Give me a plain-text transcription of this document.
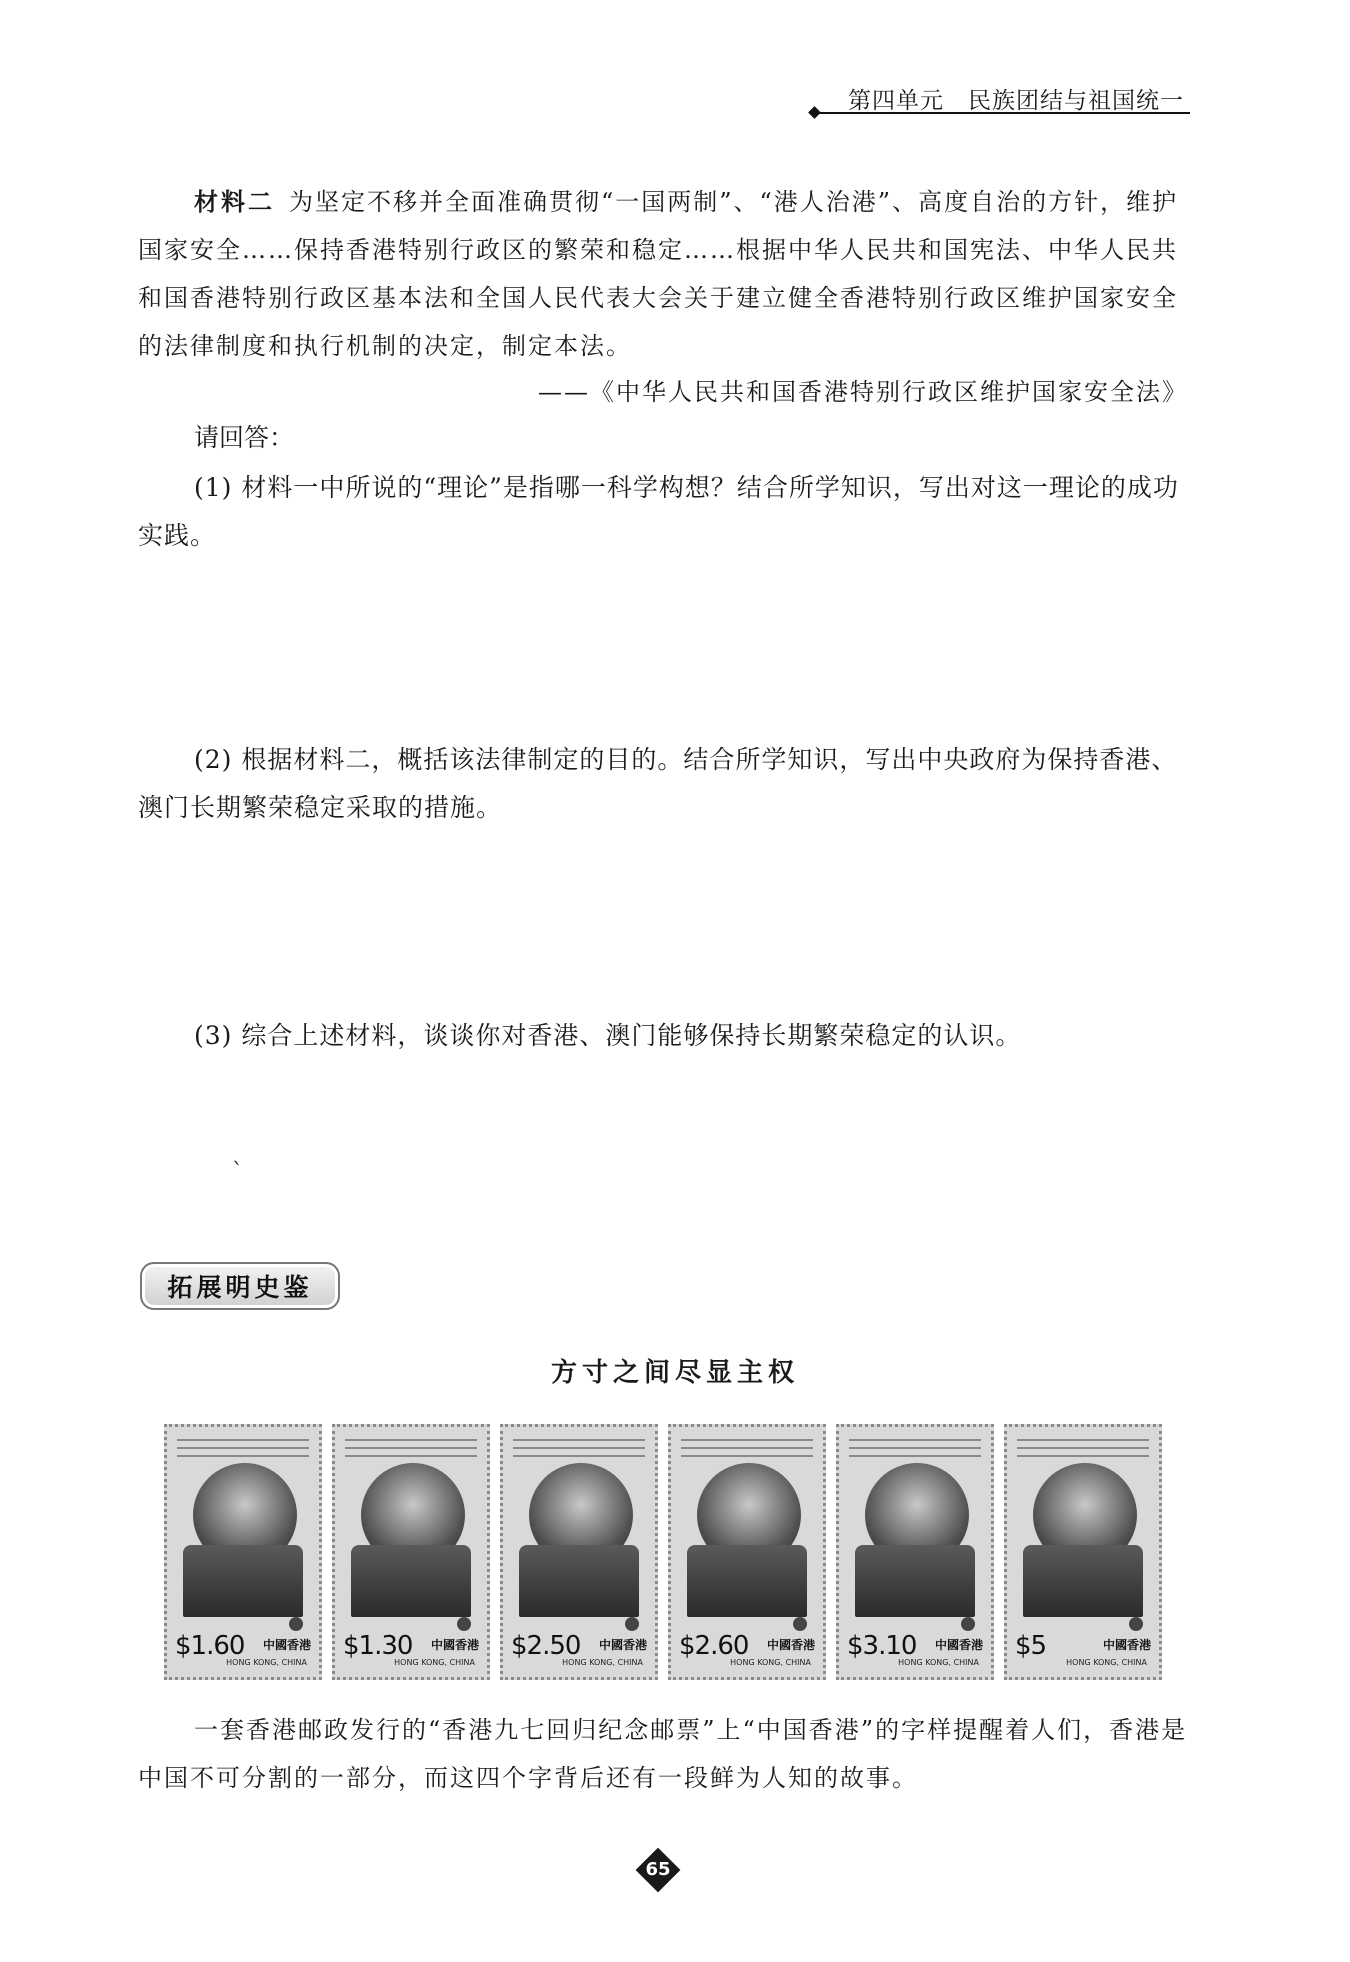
第四单元　民族团结与祖国统一
材料二 为坚定不移并全面准确贯彻“一国两制”、“港人治港”、高度自治的方针，维护国家安全……保持香港特别行政区的繁荣和稳定……根据中华人民共和国宪法、中华人民共和国香港特别行政区基本法和全国人民代表大会关于建立健全香港特别行政区维护国家安全的法律制度和执行机制的决定，制定本法。
——《中华人民共和国香港特别行政区维护国家安全法》
请回答：
(1) 材料一中所说的“理论”是指哪一科学构想？结合所学知识，写出对这一理论的成功实践。
(2) 根据材料二，概括该法律制定的目的。结合所学知识，写出中央政府为保持香港、澳门长期繁荣稳定采取的措施。
(3) 综合上述材料，谈谈你对香港、澳门能够保持长期繁荣稳定的认识。
ˋ
拓展明史鉴
方寸之间尽显主权
$1.60 中國香港
HONG KONG, CHINA
$1.30 中國香港
HONG KONG, CHINA
$2.50 中國香港
HONG KONG, CHINA
$2.60 中國香港
HONG KONG, CHINA
$3.10 中國香港
HONG KONG, CHINA
$5	中國香港
HONG KONG, CHINA
一套香港邮政发行的“香港九七回归纪念邮票”上“中国香港”的字样提醒着人们，香港是中国不可分割的一部分，而这四个字背后还有一段鲜为人知的故事。
65
